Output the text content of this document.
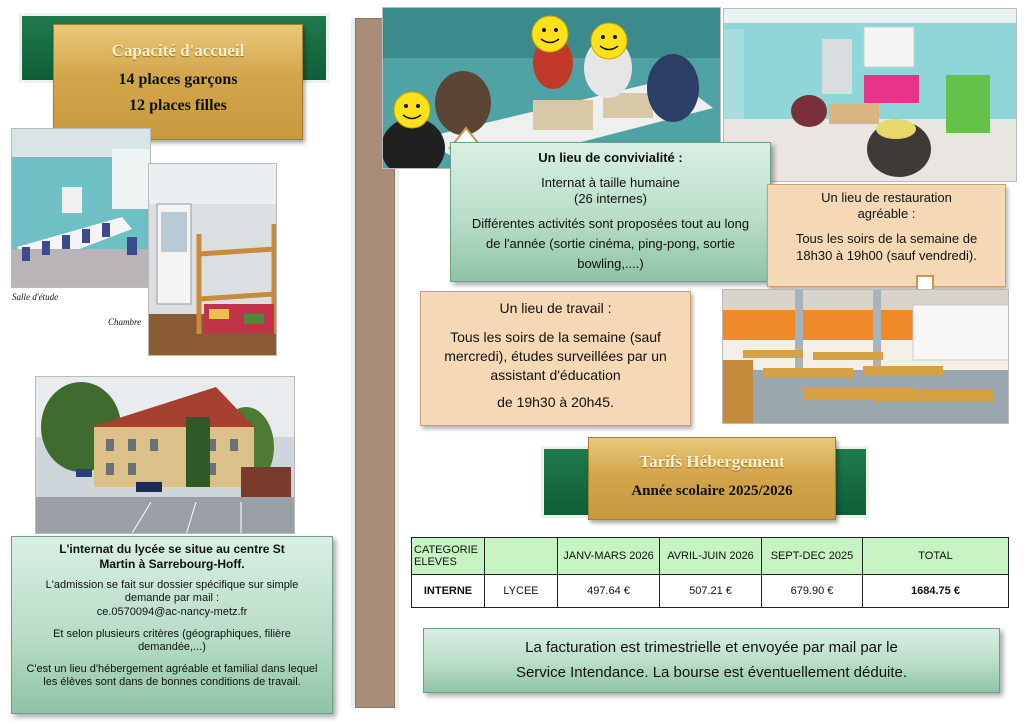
Capacité d'accueil
14 places garçons
12 places filles
Salle d'étude
Chambre
L'internat du lycée se situe au centre St Martin à Sarrebourg-Hoff.
L'admission se fait sur dossier spécifique sur simple demande par mail :
ce.0570094@ac-nancy-metz.fr
Et selon plusieurs critères (géographiques, filière demandée,...)
C'est un lieu d'hébergement agréable et familial dans lequel les élèves sont dans de bonnes conditions de travail.
Un lieu de convivialité :
Internat à taille humaine
(26 internes)
Différentes activités sont proposées tout au long de l'année (sortie cinéma, ping-pong, sortie bowling,....)
Un lieu de restauration agréable :
Tous les soirs de la semaine de 18h30 à 19h00 (sauf vendredi).
Un lieu de travail :
Tous les soirs de la semaine (sauf mercredi), études surveillées par un assistant d'éducation
de 19h30 à 20h45.
Tarifs Hébergement
Année scolaire 2025/2026
CATEGORIE ELEVES		JANV-MARS 2026	AVRIL-JUIN 2026	SEPT-DEC 2025	TOTAL
INTERNE	LYCEE	497.64 €	507.21 €	679.90 €	1684.75 €
La facturation est trimestrielle et envoyée par mail par le
Service Intendance. La bourse est éventuellement déduite.
